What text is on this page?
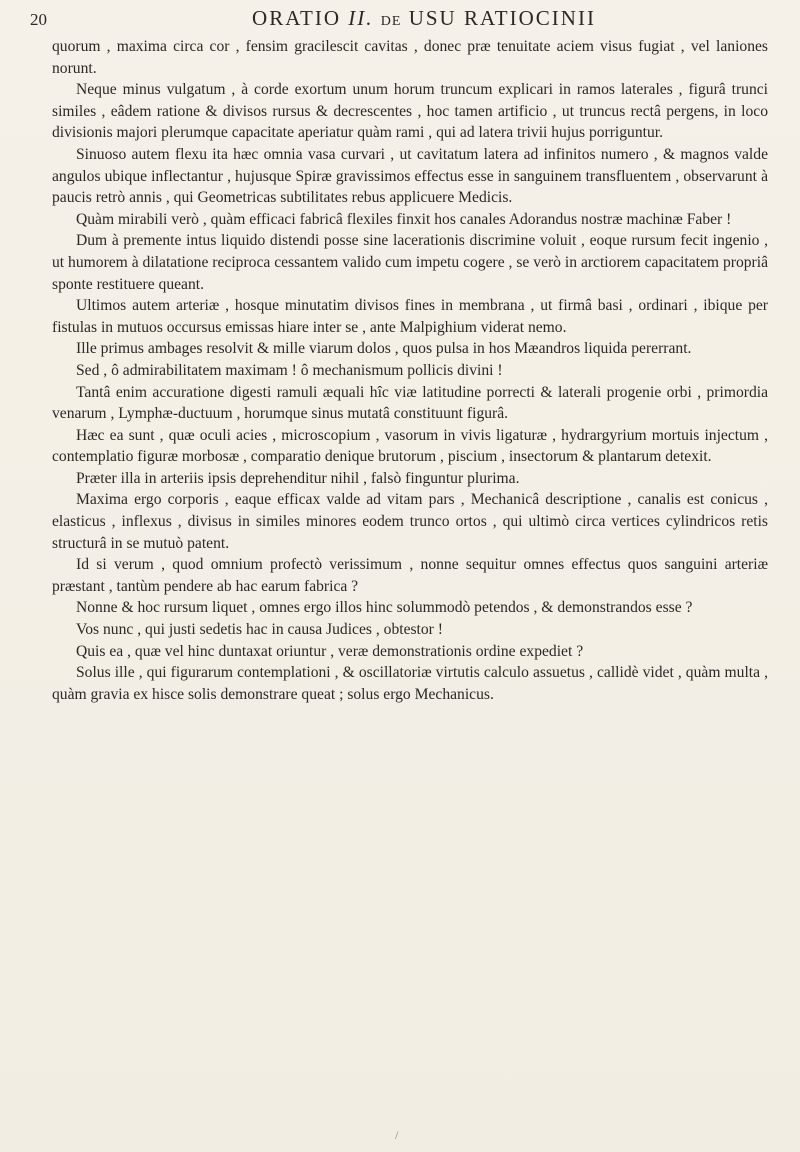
20	ORATIO II. DE USU RATIOCINII

quorum , maxima circa cor , fensim gracilescit cavitas , donec præ tenuitate aciem visus fugiat , vel laniones norunt.

Neque minus vulgatum , à corde exortum unum horum truncum explicari in ramos laterales , figurâ trunci similes , eâdem ratione & divisos rursus & decrescentes , hoc tamen artificio , ut truncus rectâ pergens, in loco divisionis majori plerumque capacitate aperiatur quàm rami , qui ad latera trivii hujus porriguntur.

Sinuoso autem flexu ita hæc omnia vasa curvari , ut cavitatum latera ad infinitos numero , & magnos valde angulos ubique inflectantur , hujusque Spiræ gravissimos effectus esse in sanguinem transfluentem , observarunt à paucis retrò annis , qui Geometricas subtilitates rebus applicuere Medicis.

Quàm mirabili verò , quàm efficaci fabricâ flexiles finxit hos canales Adorandus nostræ machinæ Faber !

Dum à premente intus liquido distendi posse sine lacerationis discrimine voluit , eoque rursum fecit ingenio , ut humorem à dilatatione reciproca cessantem valido cum impetu cogere , se verò in arctiorem capacitatem propriâ sponte restituere queant.

Ultimos autem arteriæ , hosque minutatim divisos fines in membrana , ut firmâ basi , ordinari , ibique per fistulas in mutuos occursus emissas hiare inter se , ante Malpighium viderat nemo.

Ille primus ambages resolvit & mille viarum dolos , quos pulsa in hos Mæandros liquida pererrant.

Sed , ô admirabilitatem maximam ! ô mechanismum pollicis divini !

Tantâ enim accuratione digesti ramuli æquali hîc viæ latitudine porrecti & laterali progenie orbi , primordia venarum , Lymphæ-ductuum , horumque sinus mutatâ constituunt figurâ.

Hæc ea sunt , quæ oculi acies , microscopium , vasorum in vivis ligaturæ , hydrargyrium mortuis injectum , contemplatio figuræ morbosæ , comparatio denique brutorum , piscium , insectorum & plantarum detexit.

Præter illa in arteriis ipsis deprehenditur nihil , falsò finguntur plurima.

Maxima ergo corporis , eaque efficax valde ad vitam pars , Mechanicâ descriptione , canalis est conicus , elasticus , inflexus , divisus in similes minores eodem trunco ortos , qui ultimò circa vertices cylindricos retis structurâ in se mutuò patent.

Id si verum , quod omnium profectò verissimum , nonne sequitur omnes effectus quos sanguini arteriæ præstant , tantùm pendere ab hac earum fabrica ?

Nonne & hoc rursum liquet , omnes ergo illos hinc solummodò petendos , & demonstrandos esse ?

Vos nunc , qui justi sedetis hac in causa Judices , obtestor !

Quis ea , quæ vel hinc duntaxat oriuntur , veræ demonstrationis ordine expediet ?

Solus ille , qui figurarum contemplationi , & oscillatoriæ virtutis calculo assuetus , callidè videt , quàm multa , quàm gravia ex hisce solis demonstrare queat ; solus ergo Mechanicus.

/
